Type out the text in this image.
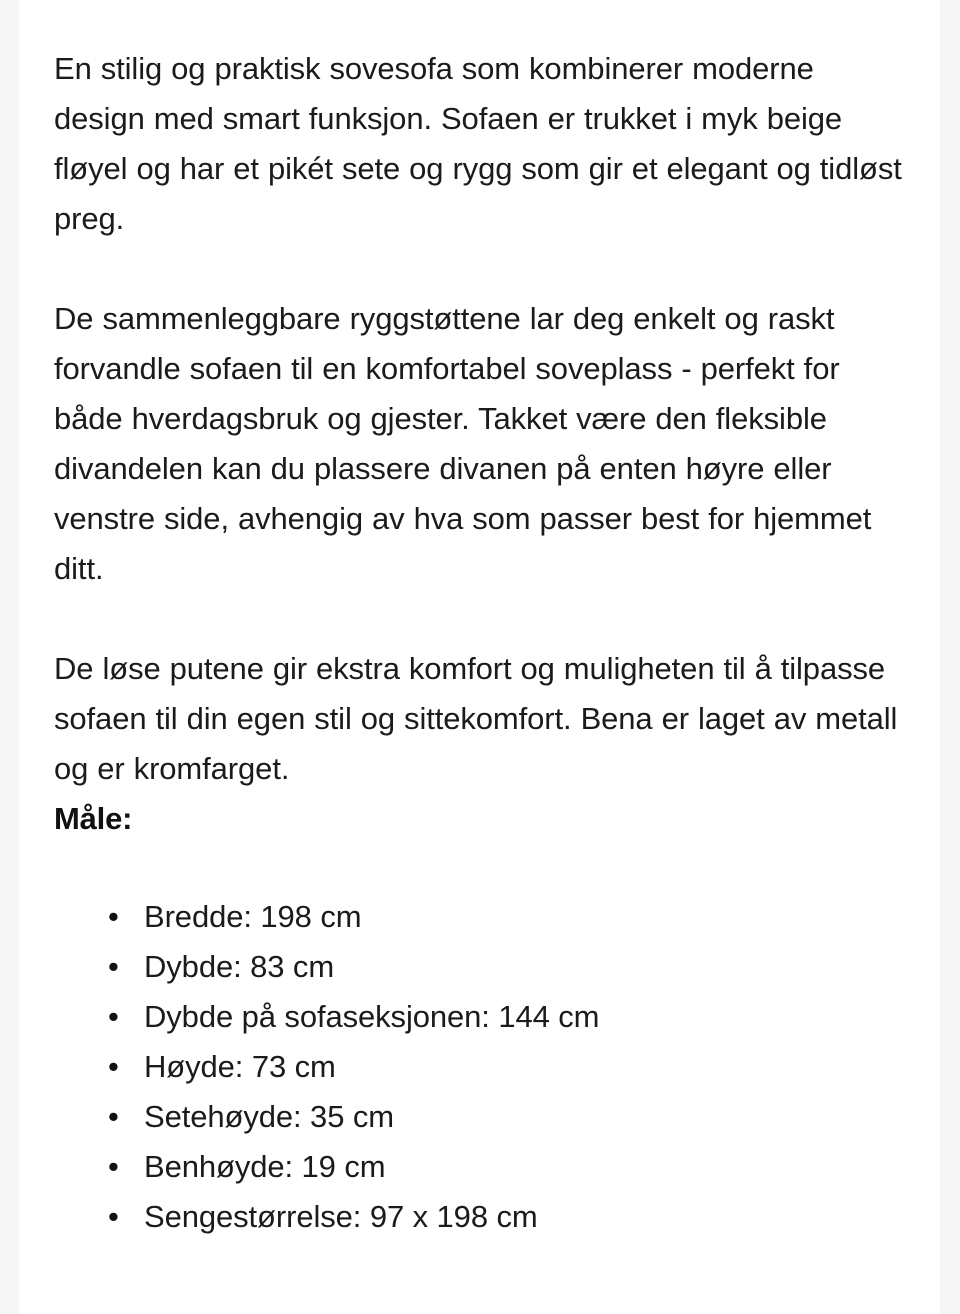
En stilig og praktisk sovesofa som kombinerer moderne design med smart funksjon. Sofaen er trukket i myk beige fløyel og har et pikét sete og rygg som gir et elegant og tidløst preg.

De sammenleggbare ryggstøttene lar deg enkelt og raskt forvandle sofaen til en komfortabel soveplass - perfekt for både hverdagsbruk og gjester. Takket være den fleksible divandelen kan du plassere divanen på enten høyre eller venstre side, avhengig av hva som passer best for hjemmet ditt.

De løse putene gir ekstra komfort og muligheten til å tilpasse sofaen til din egen stil og sittekomfort. Bena er laget av metall og er kromfarget.

Måle:
• Bredde: 198 cm
• Dybde: 83 cm
• Dybde på sofaseksjonen: 144 cm
• Høyde: 73 cm
• Setehøyde: 35 cm
• Benhøyde: 19 cm
• Sengestørrelse: 97 x 198 cm
